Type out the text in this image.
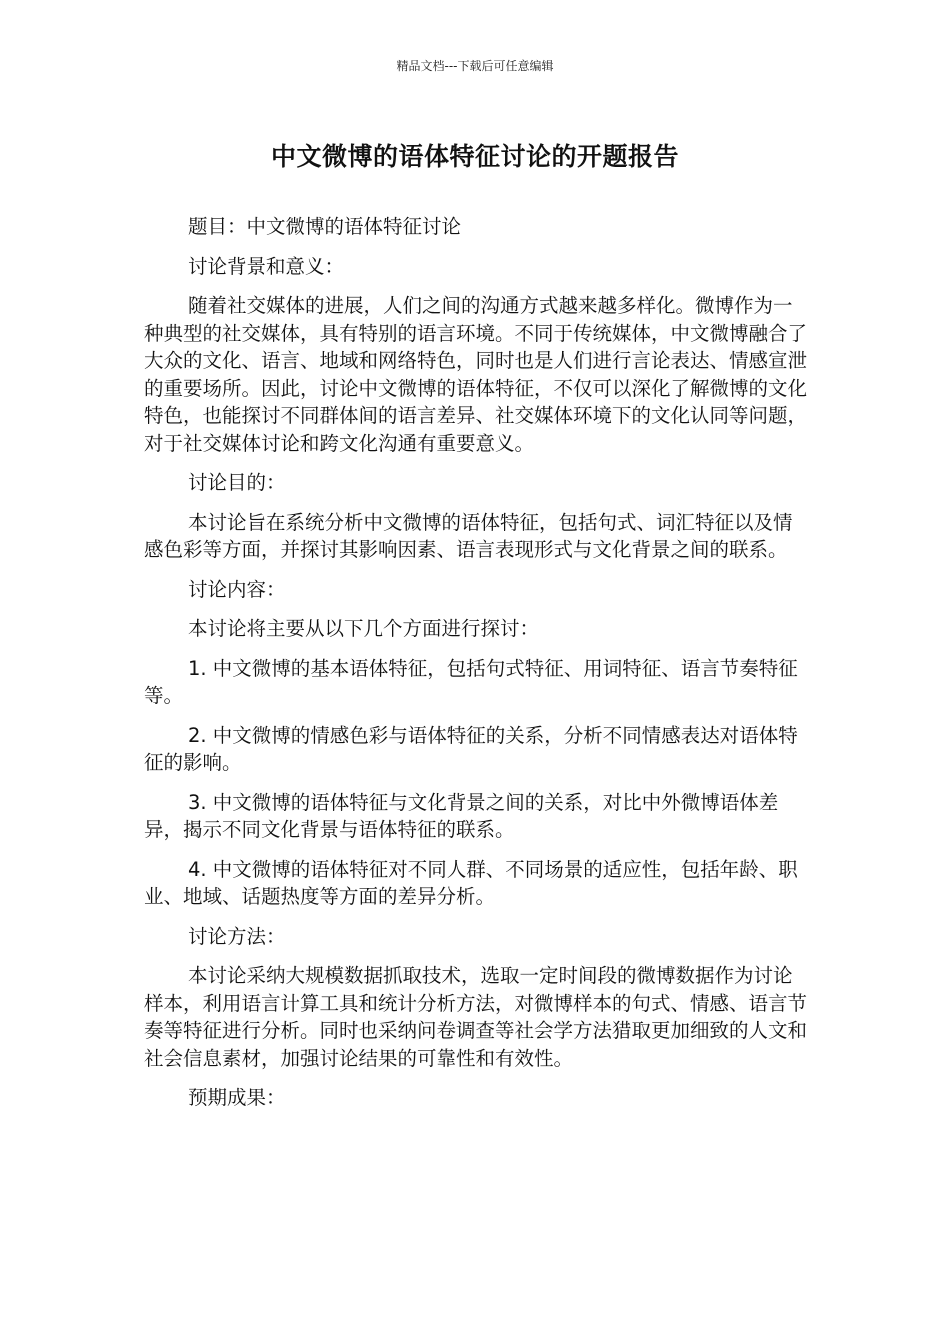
精品文档---下载后可任意编辑
中文微博的语体特征讨论的开题报告

题目：中文微博的语体特征讨论

讨论背景和意义：

随着社交媒体的进展，人们之间的沟通方式越来越多样化。微博作为一种典型的社交媒体，具有特别的语言环境。不同于传统媒体，中文微博融合了大众的文化、语言、地域和网络特色，同时也是人们进行言论表达、情感宣泄的重要场所。因此，讨论中文微博的语体特征，不仅可以深化了解微博的文化特色，也能探讨不同群体间的语言差异、社交媒体环境下的文化认同等问题，对于社交媒体讨论和跨文化沟通有重要意义。

讨论目的：

本讨论旨在系统分析中文微博的语体特征，包括句式、词汇特征以及情感色彩等方面，并探讨其影响因素、语言表现形式与文化背景之间的联系。

讨论内容：

本讨论将主要从以下几个方面进行探讨：

1. 中文微博的基本语体特征，包括句式特征、用词特征、语言节奏特征等。

2. 中文微博的情感色彩与语体特征的关系，分析不同情感表达对语体特征的影响。

3. 中文微博的语体特征与文化背景之间的关系，对比中外微博语体差异，揭示不同文化背景与语体特征的联系。

4. 中文微博的语体特征对不同人群、不同场景的适应性，包括年龄、职业、地域、话题热度等方面的差异分析。

讨论方法：

本讨论采纳大规模数据抓取技术，选取一定时间段的微博数据作为讨论样本，利用语言计算工具和统计分析方法，对微博样本的句式、情感、语言节奏等特征进行分析。同时也采纳问卷调查等社会学方法猎取更加细致的人文和社会信息素材，加强讨论结果的可靠性和有效性。

预期成果：
